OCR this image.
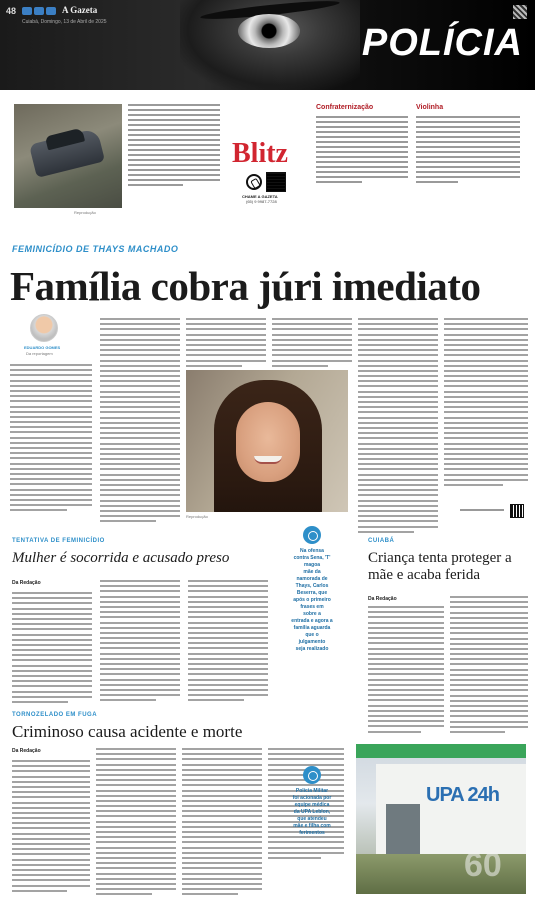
48	A Gazeta
Cuiabá, Domingo, 13 de Abril de 2025	POLÍCIA
Reprodução
Blitz
CHAME A GAZETA
(65) 9 9987-7728
Confraternização	Violinha
FEMINICÍDIO DE THAYS MACHADO
Família cobra júri imediato
EDUARDO GOMES
Da reportagem
Reprodução
TENTATIVA DE FEMINICÍDIO
Mulher é socorrida e acusado preso
Da Redação
Na ofensa
contra Sena, 'T'
magoa
mãe da
namorada de
Thays, Carlos
Beserra, que
após o primeiro
frases em
sobre a
entrada e agora a
família aguarda
que o
julgamento
seja realizado
CUIABÁ
Criança tenta proteger a mãe e acaba ferida
Da Redação
TORNOZELADO EM FUGA
Criminoso causa acidente e morte
Da Redação
Polícia Militar
foi acionada por
equipe médica
da UPA Leblon,
que atendeu
mãe e filha com
ferimentos
UPA 24h
60
